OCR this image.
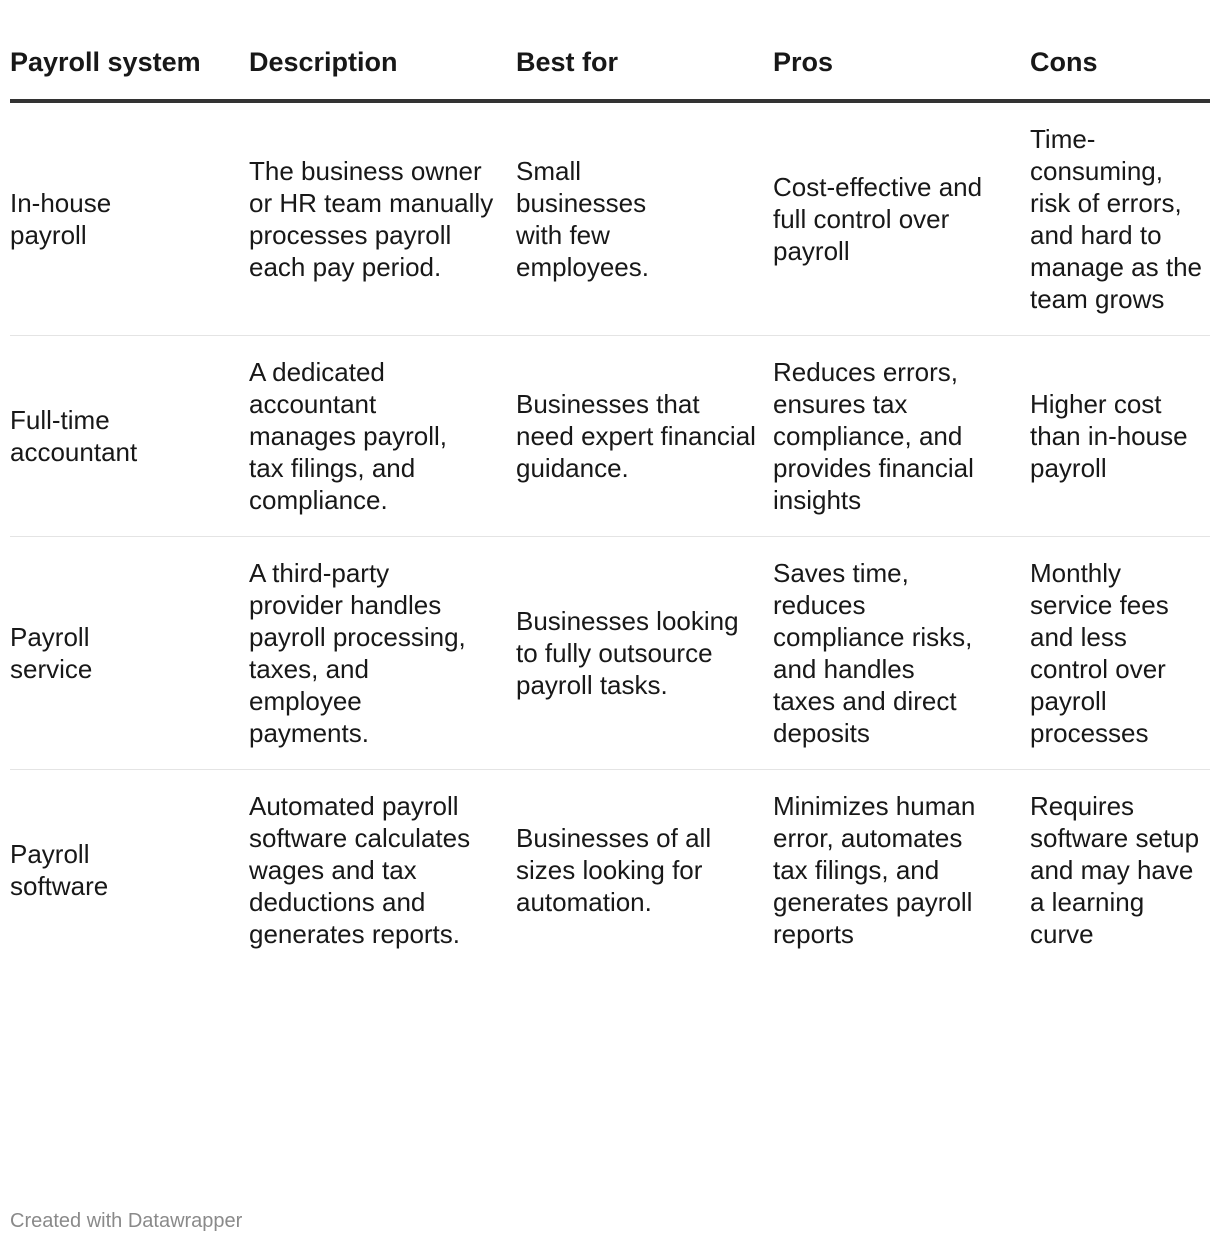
Payroll system	Description	Best for	Pros	Cons

In-house payroll	The business owner or HR team manually processes payroll each pay period.	Small businesses with few employees.	Cost-effective and full control over payroll	Time-consuming, risk of errors, and hard to manage as the team grows

Full-time accountant	A dedicated accountant manages payroll, tax filings, and compliance.	Businesses that need expert financial guidance.	Reduces errors, ensures tax compliance, and provides financial insights	Higher cost than in-house payroll

Payroll service	A third-party provider handles payroll processing, taxes, and employee payments.	Businesses looking to fully outsource payroll tasks.	Saves time, reduces compliance risks, and handles taxes and direct deposits	Monthly service fees and less control over payroll processes

Payroll software	Automated payroll software calculates wages and tax deductions and generates reports.	Businesses of all sizes looking for automation.	Minimizes human error, automates tax filings, and generates payroll reports	Requires software setup and may have a learning curve
Created with Datawrapper
